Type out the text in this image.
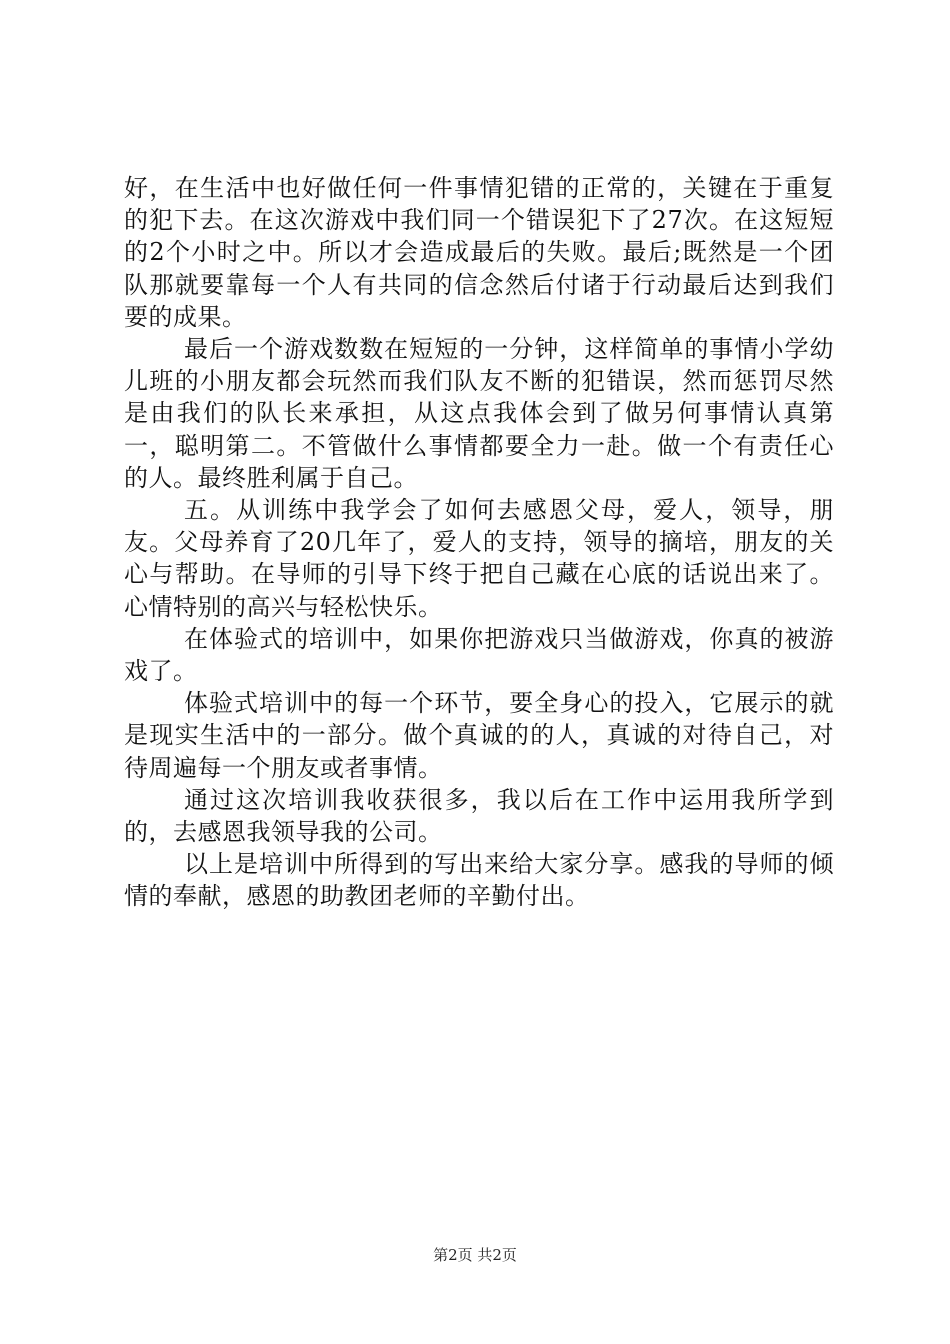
好，在生活中也好做任何一件事情犯错的正常的，关键在于重复的犯下去。在这次游戏中我们同一个错误犯下了27次。在这短短的2个小时之中。所以才会造成最后的失败。最后;既然是一个团队那就要靠每一个人有共同的信念然后付诸于行动最后达到我们要的成果。

最后一个游戏数数在短短的一分钟，这样简单的事情小学幼儿班的小朋友都会玩然而我们队友不断的犯错误，然而惩罚尽然是由我们的队长来承担，从这点我体会到了做另何事情认真第一，聪明第二。不管做什么事情都要全力一赴。做一个有责任心的人。最终胜利属于自己。

五。从训练中我学会了如何去感恩父母，爱人，领导，朋友。父母养育了20几年了，爱人的支持，领导的摘培，朋友的关心与帮助。在导师的引导下终于把自己藏在心底的话说出来了。心情特别的高兴与轻松快乐。

在体验式的培训中，如果你把游戏只当做游戏，你真的被游戏了。

体验式培训中的每一个环节，要全身心的投入，它展示的就是现实生活中的一部分。做个真诚的的人，真诚的对待自己，对待周遍每一个朋友或者事情。

通过这次培训我收获很多，我以后在工作中运用我所学到的，去感恩我领导我的公司。

以上是培训中所得到的写出来给大家分享。感我的导师的倾情的奉献，感恩的助教团老师的辛勤付出。

第2页 共2页
